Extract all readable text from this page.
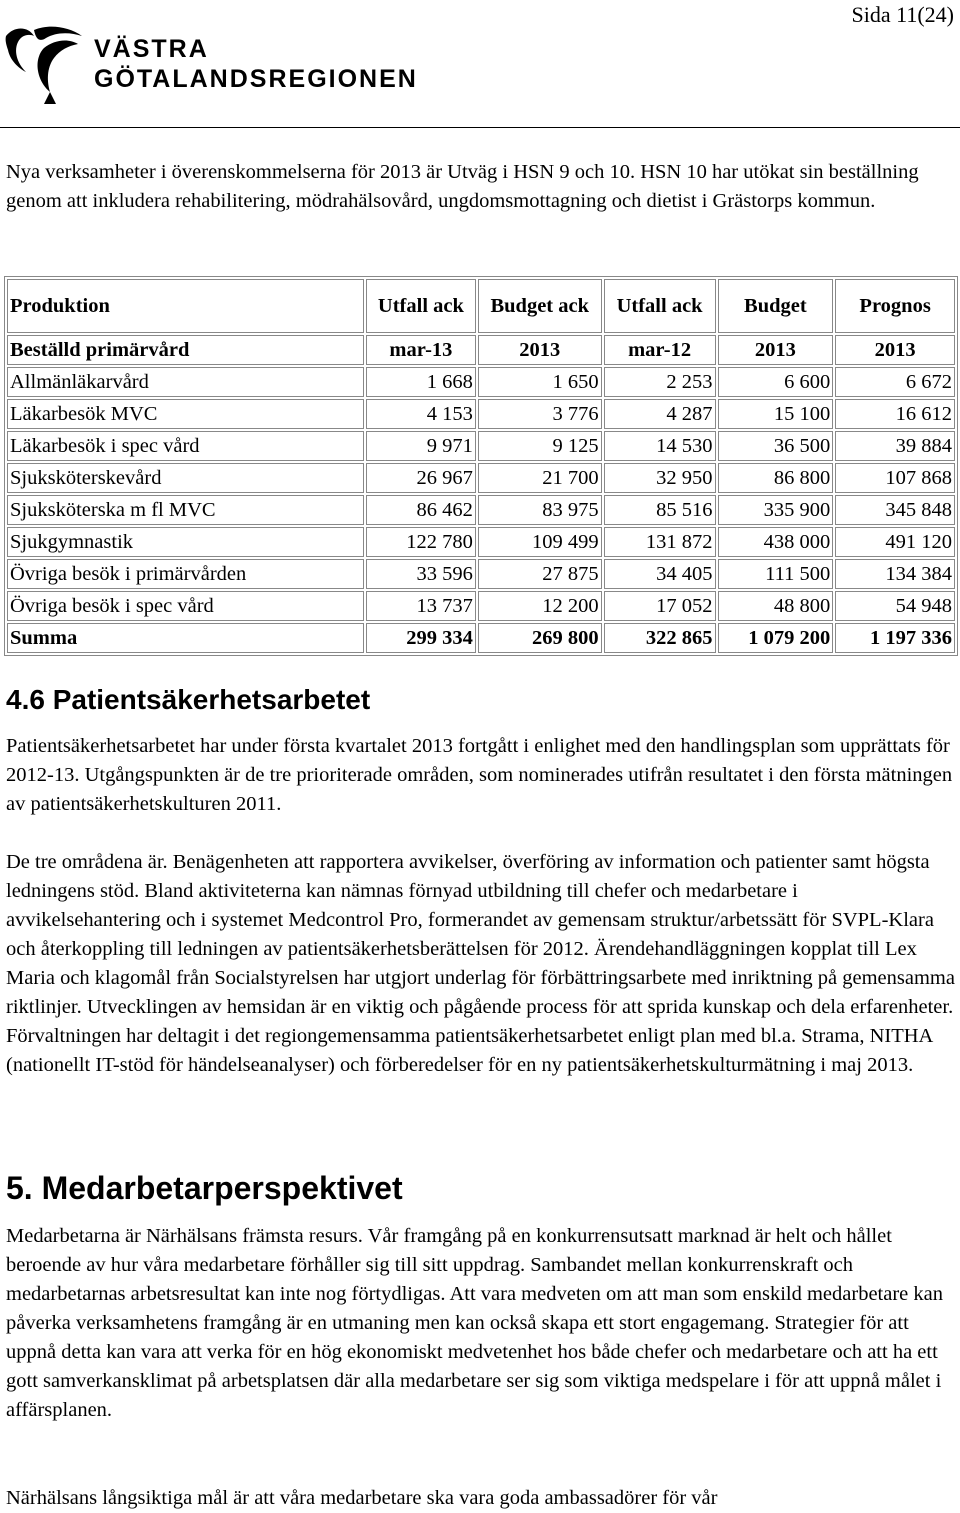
Sida 11(24)
VÄSTRA
GÖTALANDSREGIONEN

Nya verksamheter i överenskommelserna för 2013 är Utväg i HSN 9 och 10. HSN 10 har utökat sin beställning genom att inkludera rehabilitering, mödrahälsovård, ungdomsmottagning och dietist i Grästorps kommun.

Produktion	Utfall ack	Budget ack	Utfall ack	Budget	Prognos
Beställd primärvård	mar-13	2013	mar-12	2013	2013
Allmänläkarvård	1 668	1 650	2 253	6 600	6 672
Läkarbesök MVC	4 153	3 776	4 287	15 100	16 612
Läkarbesök i spec vård	9 971	9 125	14 530	36 500	39 884
Sjuksköterskevård	26 967	21 700	32 950	86 800	107 868
Sjuksköterska m fl MVC	86 462	83 975	85 516	335 900	345 848
Sjukgymnastik	122 780	109 499	131 872	438 000	491 120
Övriga besök i primärvården	33 596	27 875	34 405	111 500	134 384
Övriga besök i spec vård	13 737	12 200	17 052	48 800	54 948
Summa	299 334	269 800	322 865	1 079 200	1 197 336
4.6 Patientsäkerhetsarbetet

Patientsäkerhetsarbetet har under första kvartalet 2013 fortgått i enlighet med den handlingsplan som upprättats för 2012-13. Utgångspunkten är de tre prioriterade områden, som nominerades utifrån resultatet i den första mätningen av patientsäkerhetskulturen 2011.

De tre områdena är. Benägenheten att rapportera avvikelser, överföring av information och patienter samt högsta ledningens stöd. Bland aktiviteterna kan nämnas förnyad utbildning till chefer och medarbetare i avvikelsehantering och i systemet Medcontrol Pro, formerandet av gemensam struktur/arbetssätt för SVPL-Klara och återkoppling till ledningen av patientsäkerhetsberättelsen för 2012. Ärendehandläggningen kopplat till Lex Maria och klagomål från Socialstyrelsen har utgjort underlag för förbättringsarbete med inriktning på gemensamma riktlinjer. Utvecklingen av hemsidan är en viktig och pågående process för att sprida kunskap och dela erfarenheter. Förvaltningen har deltagit i det regiongemensamma patientsäkerhetsarbetet enligt plan med bl.a. Strama, NITHA (nationellt IT-stöd för händelseanalyser) och förberedelser för en ny patientsäkerhetskulturmätning i maj 2013.

5. Medarbetarperspektivet

Medarbetarna är Närhälsans främsta resurs. Vår framgång på en konkurrensutsatt marknad är helt och hållet beroende av hur våra medarbetare förhåller sig till sitt uppdrag. Sambandet mellan konkurrenskraft och medarbetarnas arbetsresultat kan inte nog förtydligas. Att vara medveten om att man som enskild medarbetare kan påverka verksamhetens framgång är en utmaning men kan också skapa ett stort engagemang. Strategier för att uppnå detta kan vara att verka för en hög ekonomiskt medvetenhet hos både chefer och medarbetare och att ha ett gott samverkansklimat på arbetsplatsen där alla medarbetare ser sig som viktiga medspelare i för att uppnå målet i affärsplanen.

Närhälsans långsiktiga mål är att våra medarbetare ska vara goda ambassadörer för vår
